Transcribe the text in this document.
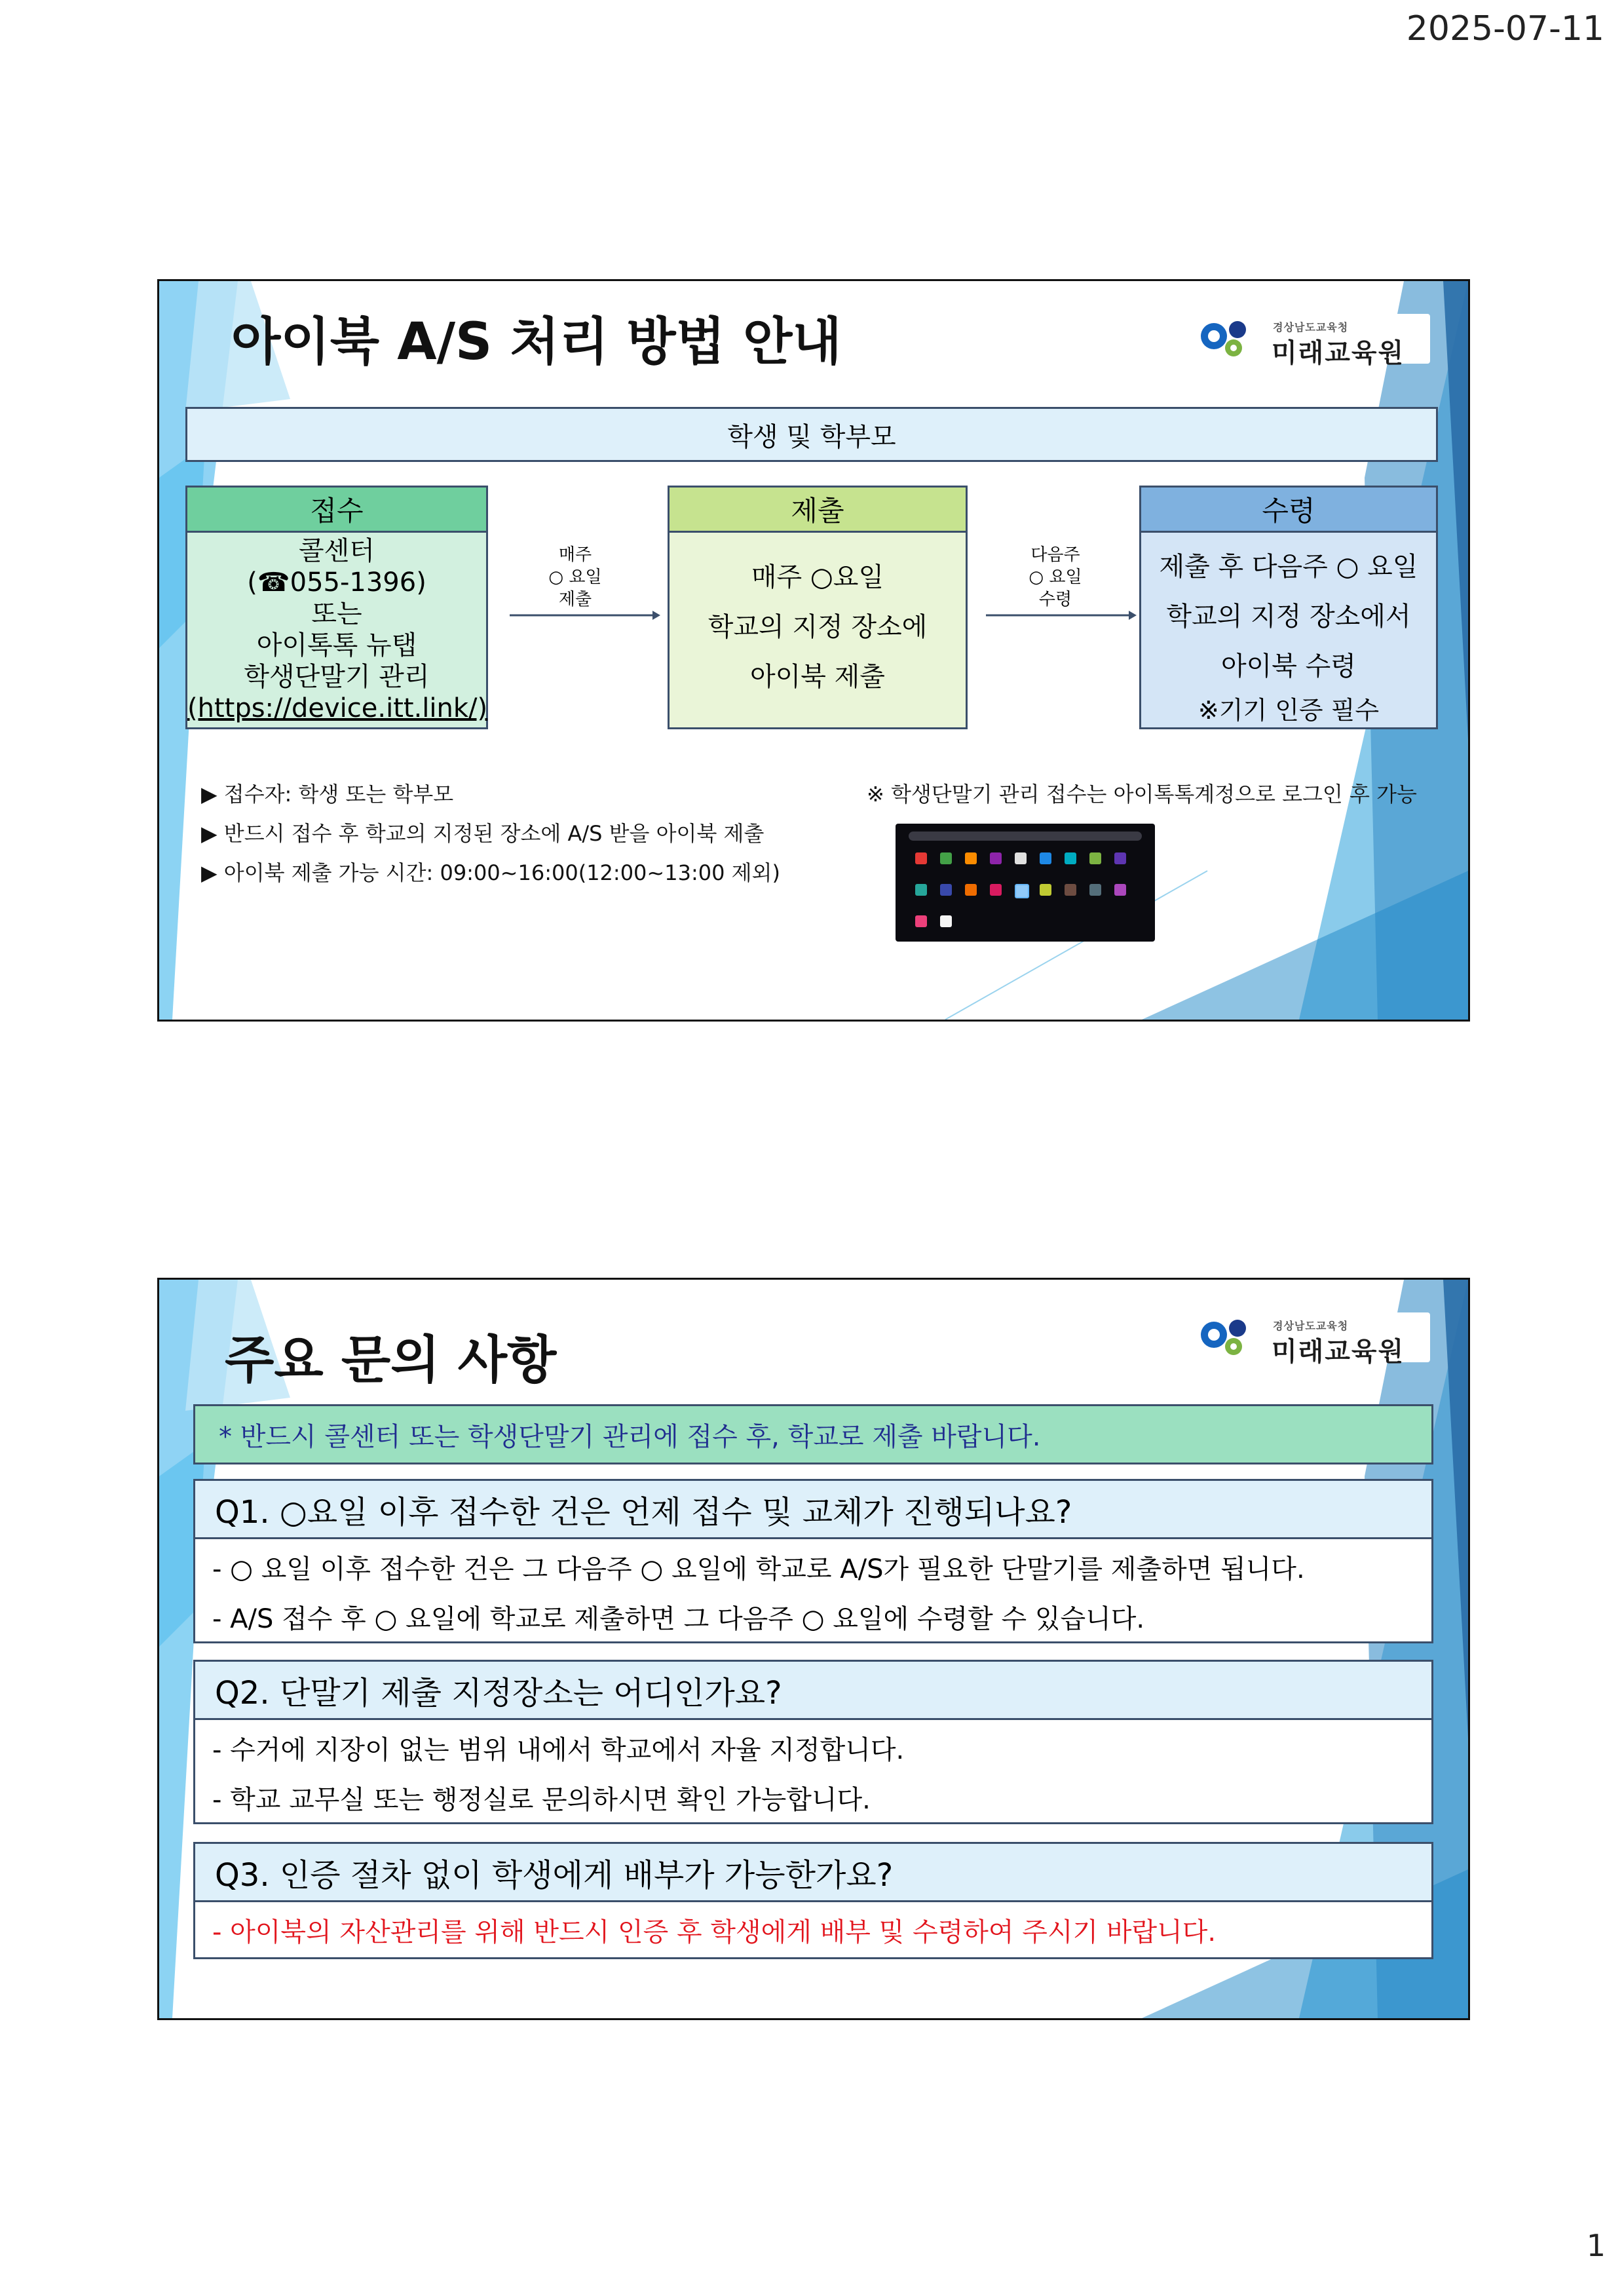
2025-07-11
경상남도교육청
미래교육원
아이북 A/S 처리 방법 안내
학생 및 학부모
접수
콜센터
(☎055-1396)
또는
아이톡톡 뉴탭
학생단말기 관리
(https://device.itt.link/)
매주
○ 요일
제출
제출
매주 ○요일
학교의 지정 장소에
아이북 제출
다음주
○ 요일
수령
수령
제출 후 다음주 ○ 요일
학교의 지정 장소에서
아이북 수령
※기기 인증 필수
▶ 접수자: 학생 또는 학부모
▶ 반드시 접수 후 학교의 지정된 장소에 A/S 받을 아이북 제출
▶ 아이북 제출 가능 시간: 09:00~16:00(12:00~13:00 제외)
※ 학생단말기 관리 접수는 아이톡톡계정으로 로그인 후 가능
경상남도교육청
미래교육원
주요 문의 사항
* 반드시 콜센터 또는 학생단말기 관리에 접수 후, 학교로 제출 바랍니다.
Q1. ○요일 이후 접수한 건은 언제 접수 및 교체가 진행되나요?
- ○ 요일 이후 접수한 건은 그 다음주 ○ 요일에 학교로 A/S가 필요한 단말기를 제출하면 됩니다.
- A/S 접수 후 ○ 요일에 학교로 제출하면 그 다음주 ○ 요일에 수령할 수 있습니다.
Q2. 단말기 제출 지정장소는 어디인가요?
- 수거에 지장이 없는 범위 내에서 학교에서 자율 지정합니다.
- 학교 교무실 또는 행정실로 문의하시면 확인 가능합니다.
Q3. 인증 절차 없이 학생에게 배부가 가능한가요?
- 아이북의 자산관리를 위해 반드시 인증 후 학생에게 배부 및 수령하여 주시기 바랍니다.
1
